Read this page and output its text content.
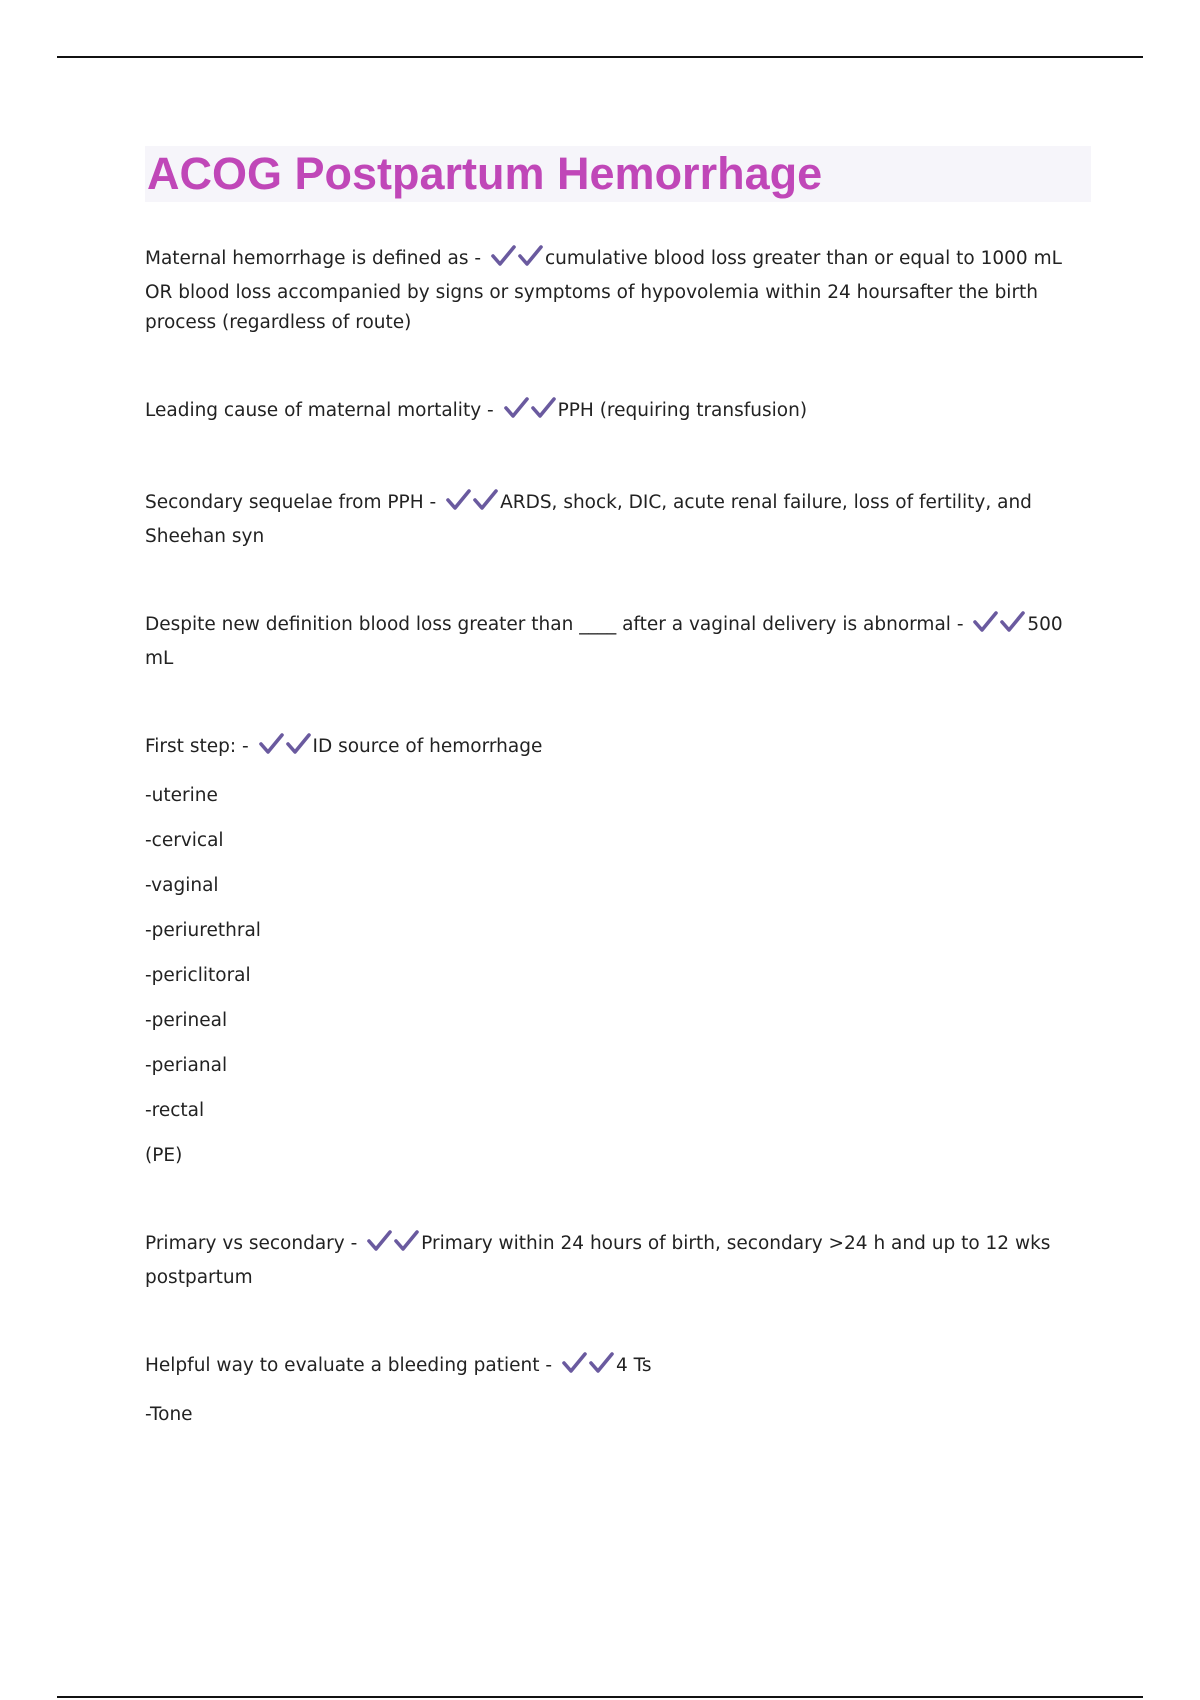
ACOG Postpartum Hemorrhage

Maternal hemorrhage is defined as -	cumulative blood loss greater than or equal to 1000 mL OR blood loss accompanied by signs or symptoms of hypovolemia within 24 hoursafter the birth process (regardless of route)

Leading cause of maternal mortality -	PPH (requiring transfusion)

Secondary sequelae from PPH -	ARDS, shock, DIC, acute renal failure, loss of fertility, and Sheehan syn

Despite new definition blood loss greater than ____ after a vaginal delivery is abnormal -	500 mL

First step: -	ID source of hemorrhage

-uterine

-cervical

-vaginal

-periurethral

-periclitoral

-perineal

-perianal

-rectal

(PE)

Primary vs secondary -	Primary within 24 hours of birth, secondary >24 h and up to 12 wks postpartum

Helpful way to evaluate a bleeding patient -	4 Ts

-Tone
